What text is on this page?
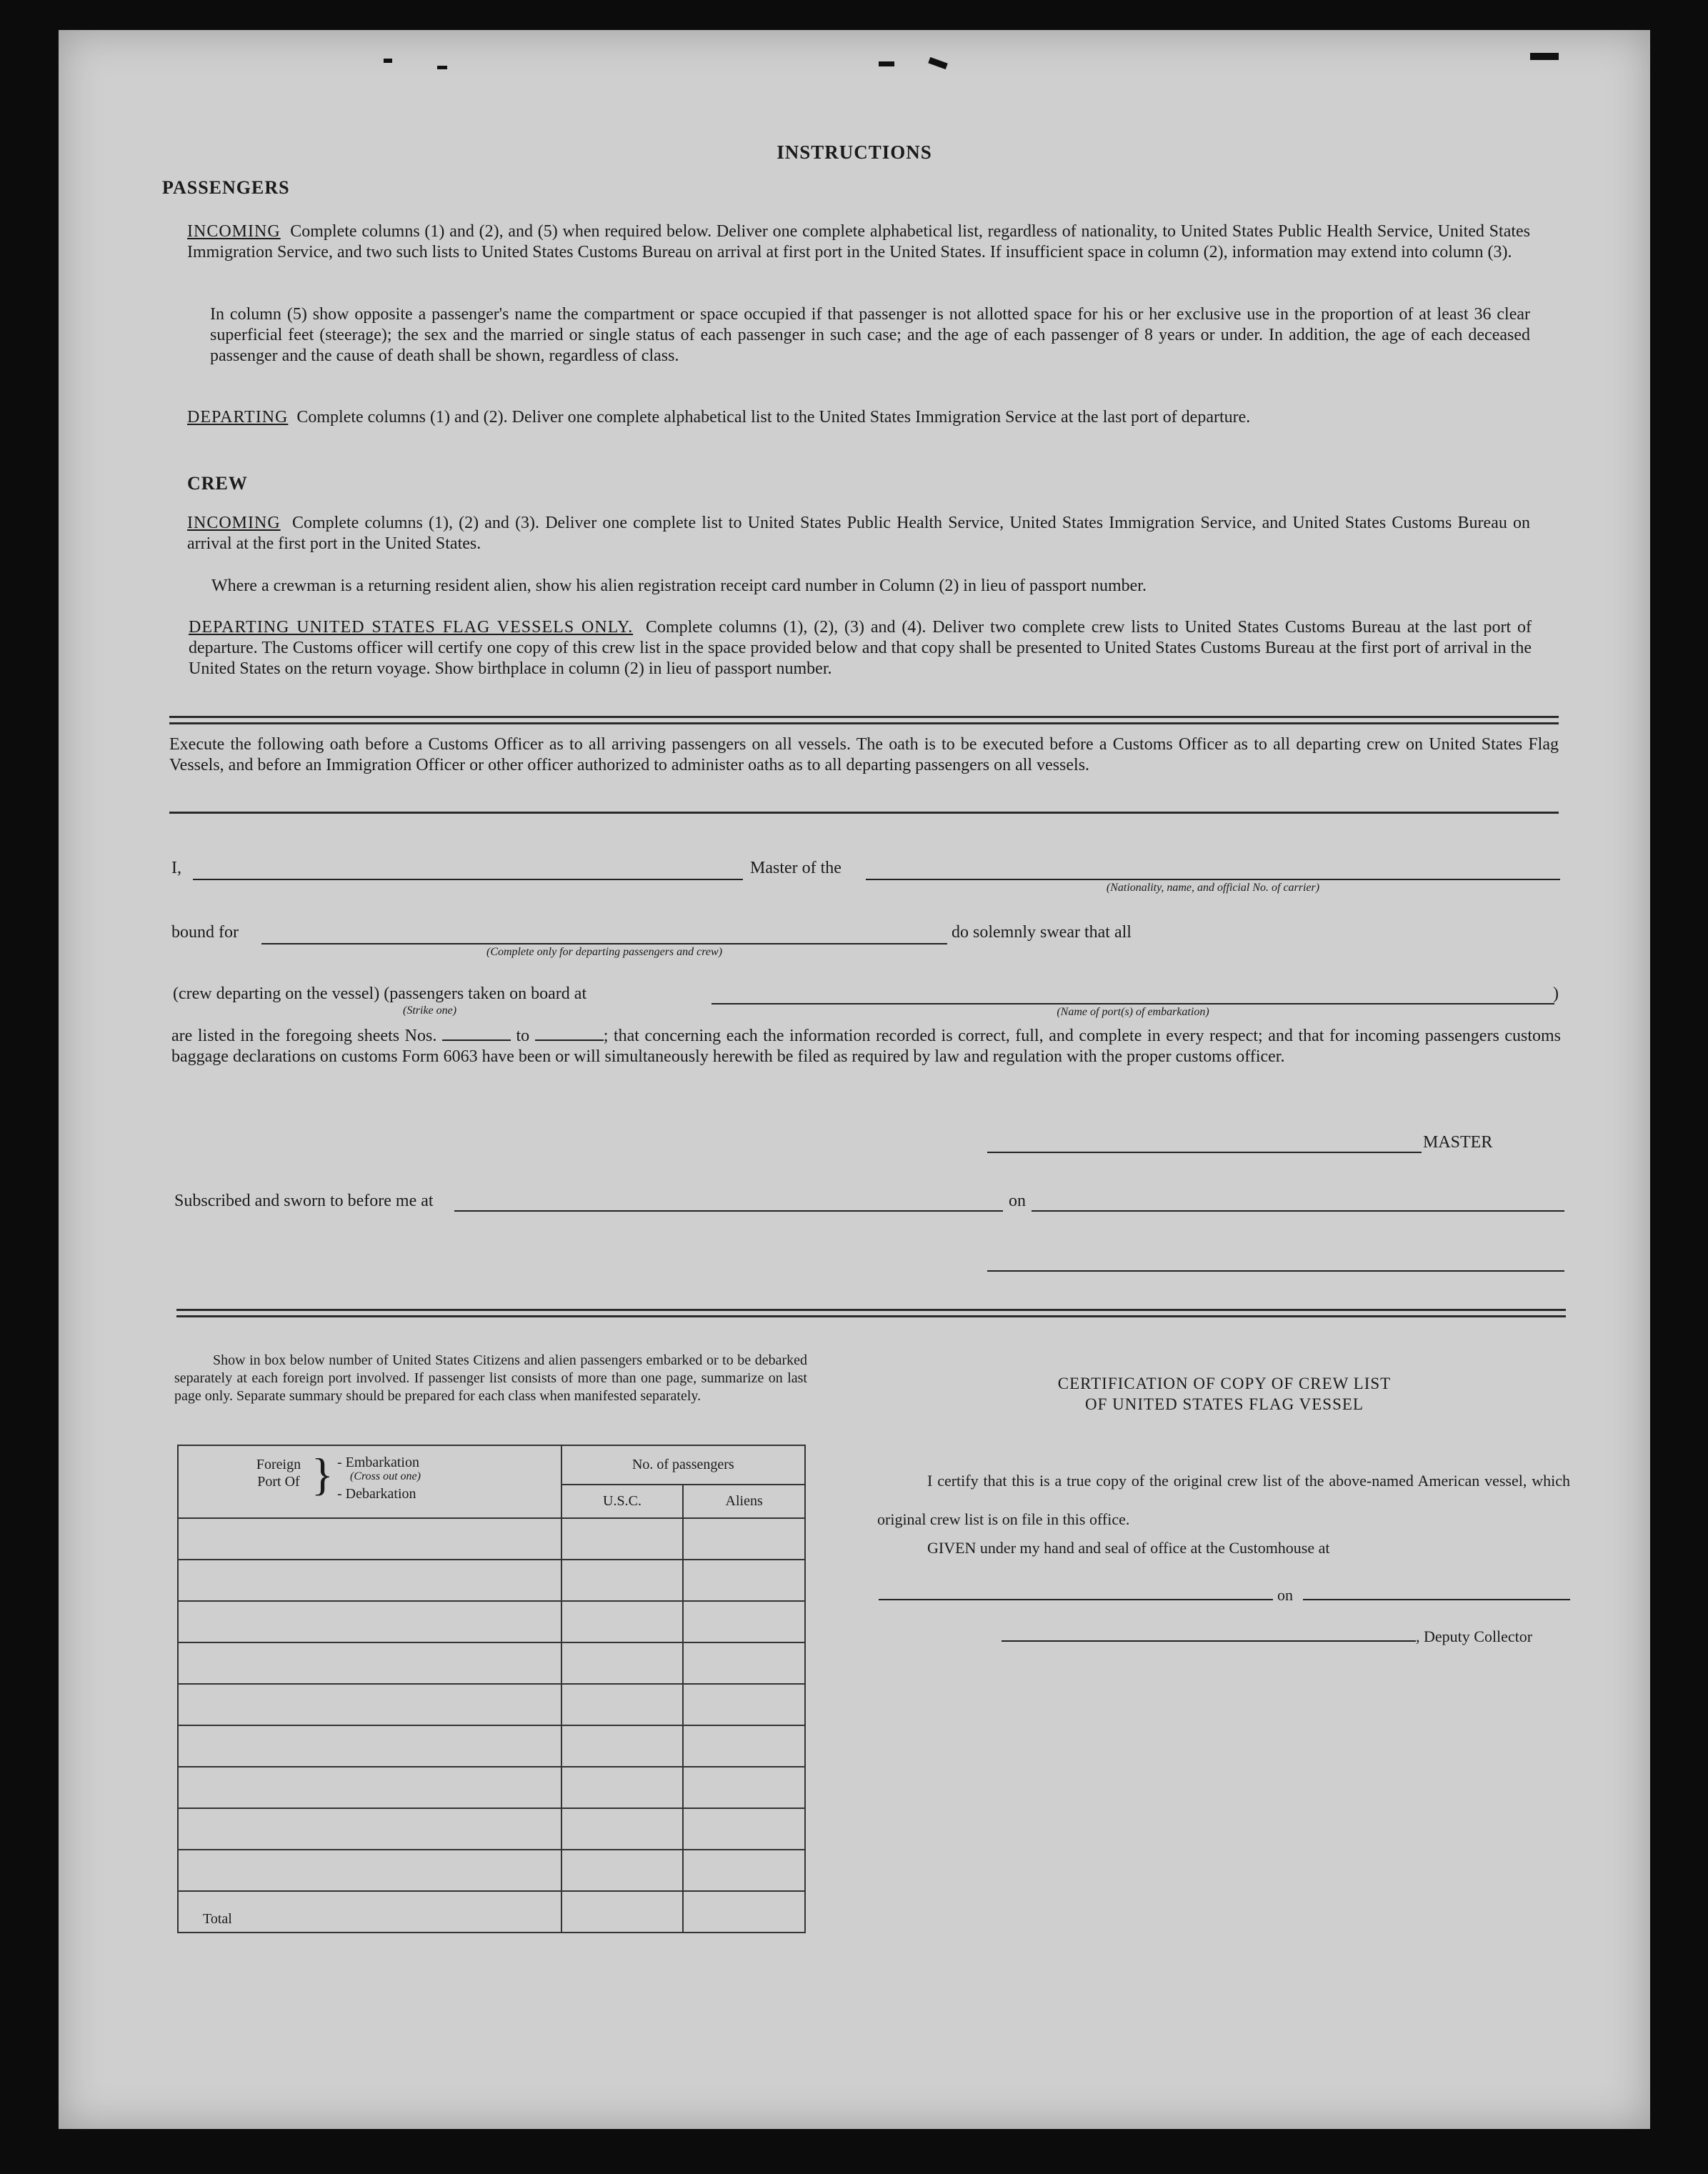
INSTRUCTIONS
PASSENGERS
INCOMING Complete columns (1) and (2), and (5) when required below. Deliver one complete alphabetical list, regardless of nationality, to United States Public Health Service, United States Immigration Service, and two such lists to United States Customs Bureau on arrival at first port in the United States. If insufficient space in column (2), information may extend into column (3).
In column (5) show opposite a passenger's name the compartment or space occupied if that passenger is not allotted space for his or her exclusive use in the proportion of at least 36 clear superficial feet (steerage); the sex and the married or single status of each passenger in such case; and the age of each passenger of 8 years or under. In addition, the age of each deceased passenger and the cause of death shall be shown, regardless of class.
DEPARTING Complete columns (1) and (2). Deliver one complete alphabetical list to the United States Immigration Service at the last port of departure.
CREW
INCOMING Complete columns (1), (2) and (3). Deliver one complete list to United States Public Health Service, United States Immigration Service, and United States Customs Bureau on arrival at the first port in the United States.
Where a crewman is a returning resident alien, show his alien registration receipt card number in Column (2) in lieu of passport number.
DEPARTING UNITED STATES FLAG VESSELS ONLY. Complete columns (1), (2), (3) and (4). Deliver two complete crew lists to United States Customs Bureau at the last port of departure. The Customs officer will certify one copy of this crew list in the space provided below and that copy shall be presented to United States Customs Bureau at the first port of arrival in the United States on the return voyage. Show birthplace in column (2) in lieu of passport number.
Execute the following oath before a Customs Officer as to all arriving passengers on all vessels. The oath is to be executed before a Customs Officer as to all departing crew on United States Flag Vessels, and before an Immigration Officer or other officer authorized to administer oaths as to all departing passengers on all vessels.
I,	Master of the
(Nationality, name, and official No. of carrier)
bound for
(Complete only for departing passengers and crew)
do solemnly swear that all
(crew departing on the vessel) (passengers taken on board at
(Strike one)	(Name of port(s) of embarkation)
)
are listed in the foregoing sheets Nos.	to	; that concerning each the information recorded is correct, full, and complete in every respect; and that for incoming passengers customs baggage declarations on customs Form 6063 have been or will simultaneously herewith be filed as required by law and regulation with the proper customs officer.
MASTER
Subscribed and sworn to before me at	on
Show in box below number of United States Citizens and alien passengers embarked or to be debarked separately at each foreign port involved. If passenger list consists of more than one page, summarize on last page only. Separate summary should be prepared for each class when manifested separately.
Foreign Port Of } - Embarkation
(Cross out one)
- Debarkation	No. of passengers	
	U.S.C.	Aliens

Total		
CERTIFICATION OF COPY OF CREW LIST
OF UNITED STATES FLAG VESSEL
I certify that this is a true copy of the original crew list of the above-named American vessel, which original crew list is on file in this office.
GIVEN under my hand and seal of office at the Customhouse at
on
, Deputy Collector
